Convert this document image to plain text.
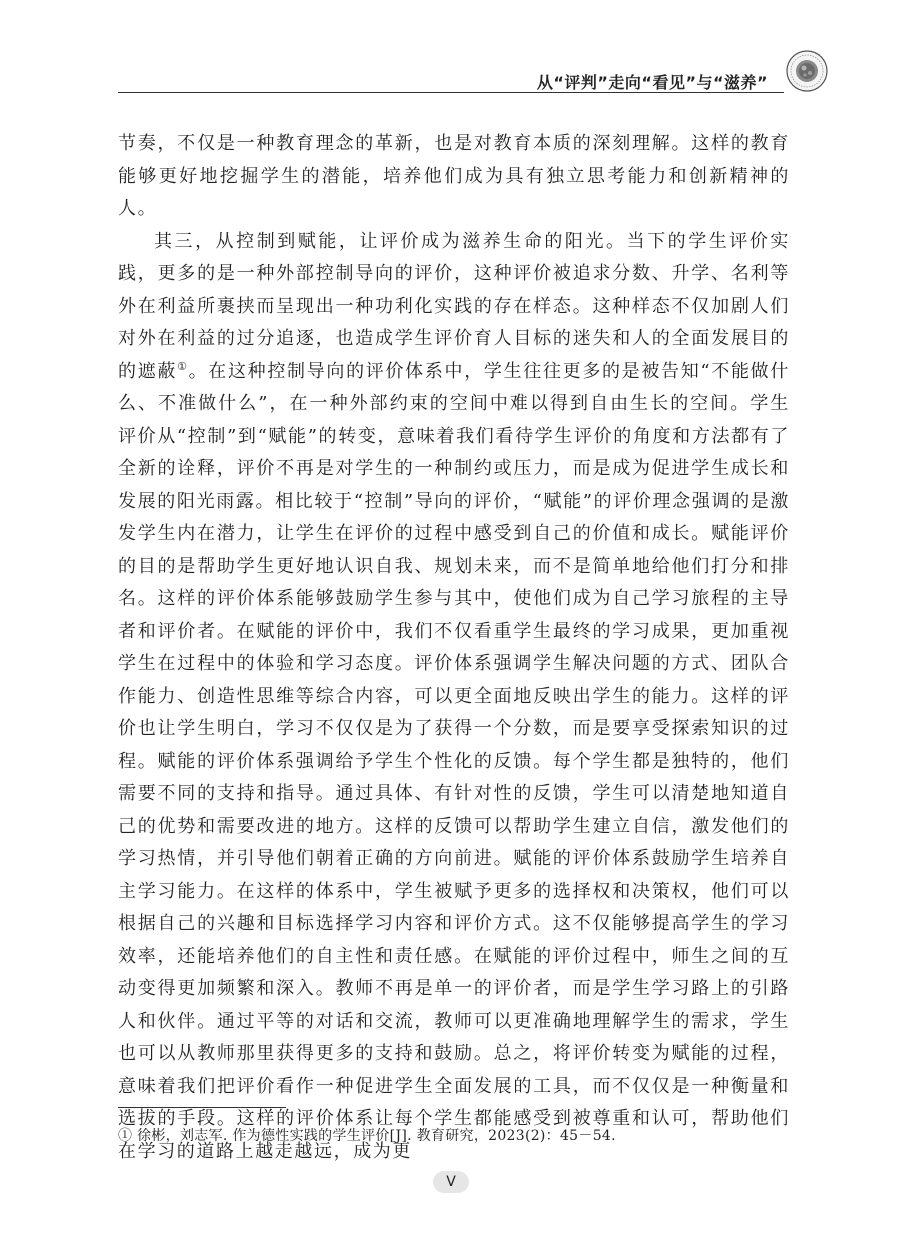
从“评判”走向“看见”与“滋养”

节奏，不仅是一种教育理念的革新，也是对教育本质的深刻理解。这样的教育能够更好地挖掘学生的潜能，培养他们成为具有独立思考能力和创新精神的人。

其三，从控制到赋能，让评价成为滋养生命的阳光。当下的学生评价实践，更多的是一种外部控制导向的评价，这种评价被追求分数、升学、名利等外在利益所裹挟而呈现出一种功利化实践的存在样态。这种样态不仅加剧人们对外在利益的过分追逐，也造成学生评价育人目标的迷失和人的全面发展目的的遮蔽①。在这种控制导向的评价体系中，学生往往更多的是被告知“不能做什么、不准做什么”，在一种外部约束的空间中难以得到自由生长的空间。学生评价从“控制”到“赋能”的转变，意味着我们看待学生评价的角度和方法都有了全新的诠释，评价不再是对学生的一种制约或压力，而是成为促进学生成长和发展的阳光雨露。相比较于“控制”导向的评价，“赋能”的评价理念强调的是激发学生内在潜力，让学生在评价的过程中感受到自己的价值和成长。赋能评价的目的是帮助学生更好地认识自我、规划未来，而不是简单地给他们打分和排名。这样的评价体系能够鼓励学生参与其中，使他们成为自己学习旅程的主导者和评价者。在赋能的评价中，我们不仅看重学生最终的学习成果，更加重视学生在过程中的体验和学习态度。评价体系强调学生解决问题的方式、团队合作能力、创造性思维等综合内容，可以更全面地反映出学生的能力。这样的评价也让学生明白，学习不仅仅是为了获得一个分数，而是要享受探索知识的过程。赋能的评价体系强调给予学生个性化的反馈。每个学生都是独特的，他们需要不同的支持和指导。通过具体、有针对性的反馈，学生可以清楚地知道自己的优势和需要改进的地方。这样的反馈可以帮助学生建立自信，激发他们的学习热情，并引导他们朝着正确的方向前进。赋能的评价体系鼓励学生培养自主学习能力。在这样的体系中，学生被赋予更多的选择权和决策权，他们可以根据自己的兴趣和目标选择学习内容和评价方式。这不仅能够提高学生的学习效率，还能培养他们的自主性和责任感。在赋能的评价过程中，师生之间的互动变得更加频繁和深入。教师不再是单一的评价者，而是学生学习路上的引路人和伙伴。通过平等的对话和交流，教师可以更准确地理解学生的需求，学生也可以从教师那里获得更多的支持和鼓励。总之，将评价转变为赋能的过程，意味着我们把评价看作一种促进学生全面发展的工具，而不仅仅是一种衡量和选拔的手段。这样的评价体系让每个学生都能感受到被尊重和认可，帮助他们在学习的道路上越走越远，成为更

① 徐彬，刘志军. 作为德性实践的学生评价[J]. 教育研究，2023(2)：45－54.
V
